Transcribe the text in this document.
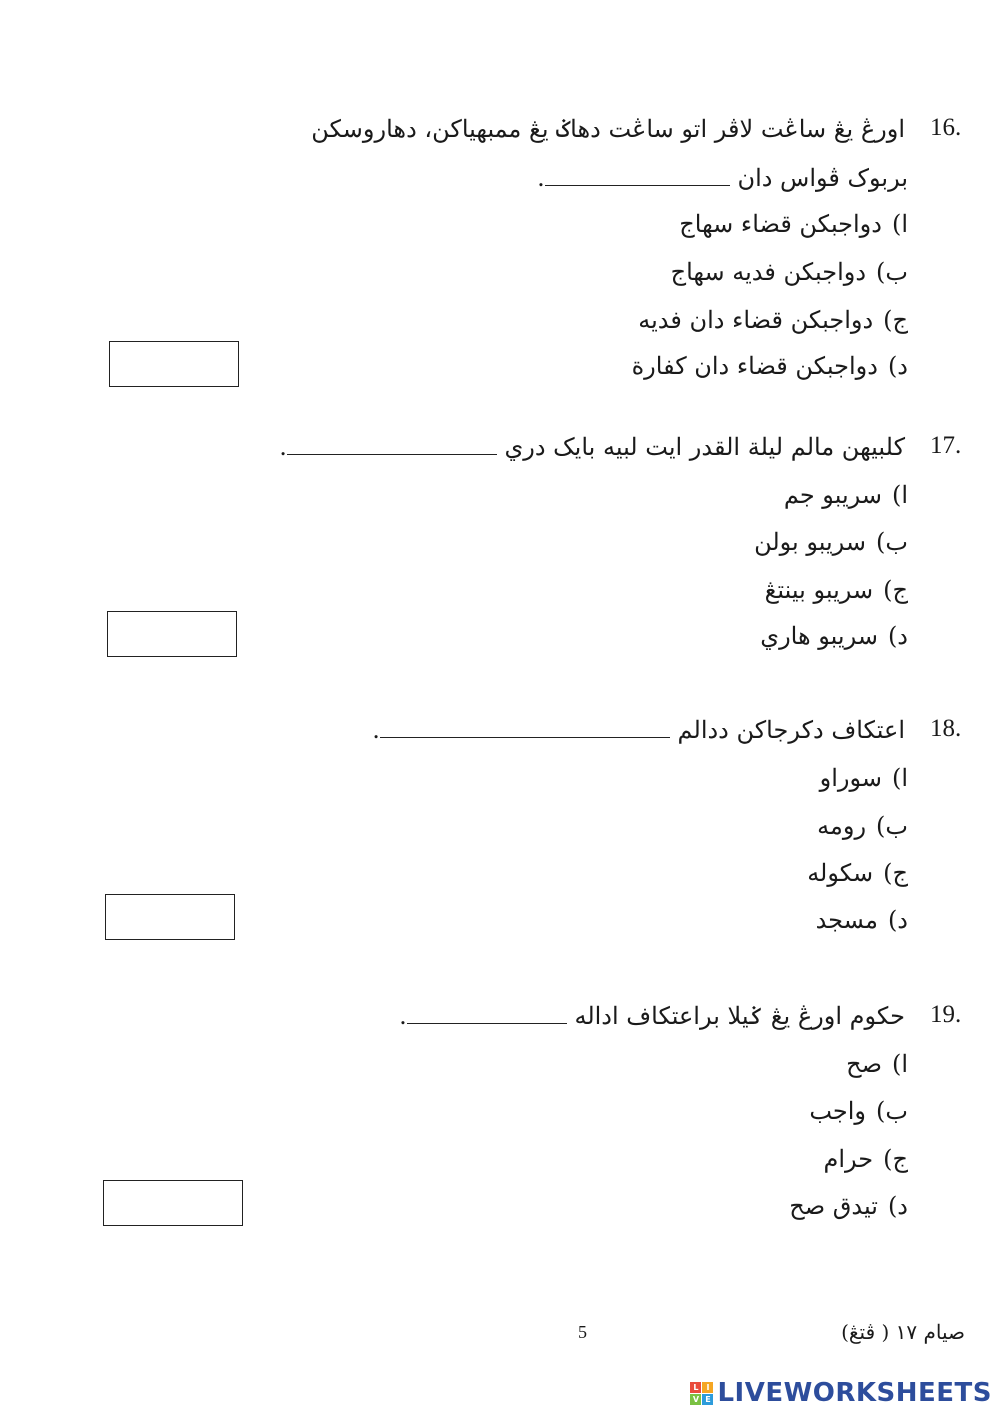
16.
اورڠ يڠ ساڠت لاڤر اتو ساڠت دهاݢ يڠ ممبهياكن، دهاروسكن
بربوک ڤواس دان .
ا)دواجبكن قضاء سهاج
ب)دواجبكن فديه سهاج
ج)دواجبكن قضاء دان فديه
د)دواجبكن قضاء دان كفارة
17.
كلبيهن مالم ليلة القدر ايت لبيه بايک دري .
ا)سريبو جم
ب)سريبو بولن
ج)سريبو بينتڠ
د)سريبو هاري
18.
اعتكاف دكرجاكن ددالم .
ا)سوراو
ب)رومه
ج)سكوله
د)مسجد
19.
حكوم اورڠ يڠ ݢيلا براعتكاف اداله .
ا)صح
ب)واجب
ج)حرام
د)تيدق صح
5	صيام ١٧ ( ڤتڠ)
L I
V E LIVEWORKSHEETS
